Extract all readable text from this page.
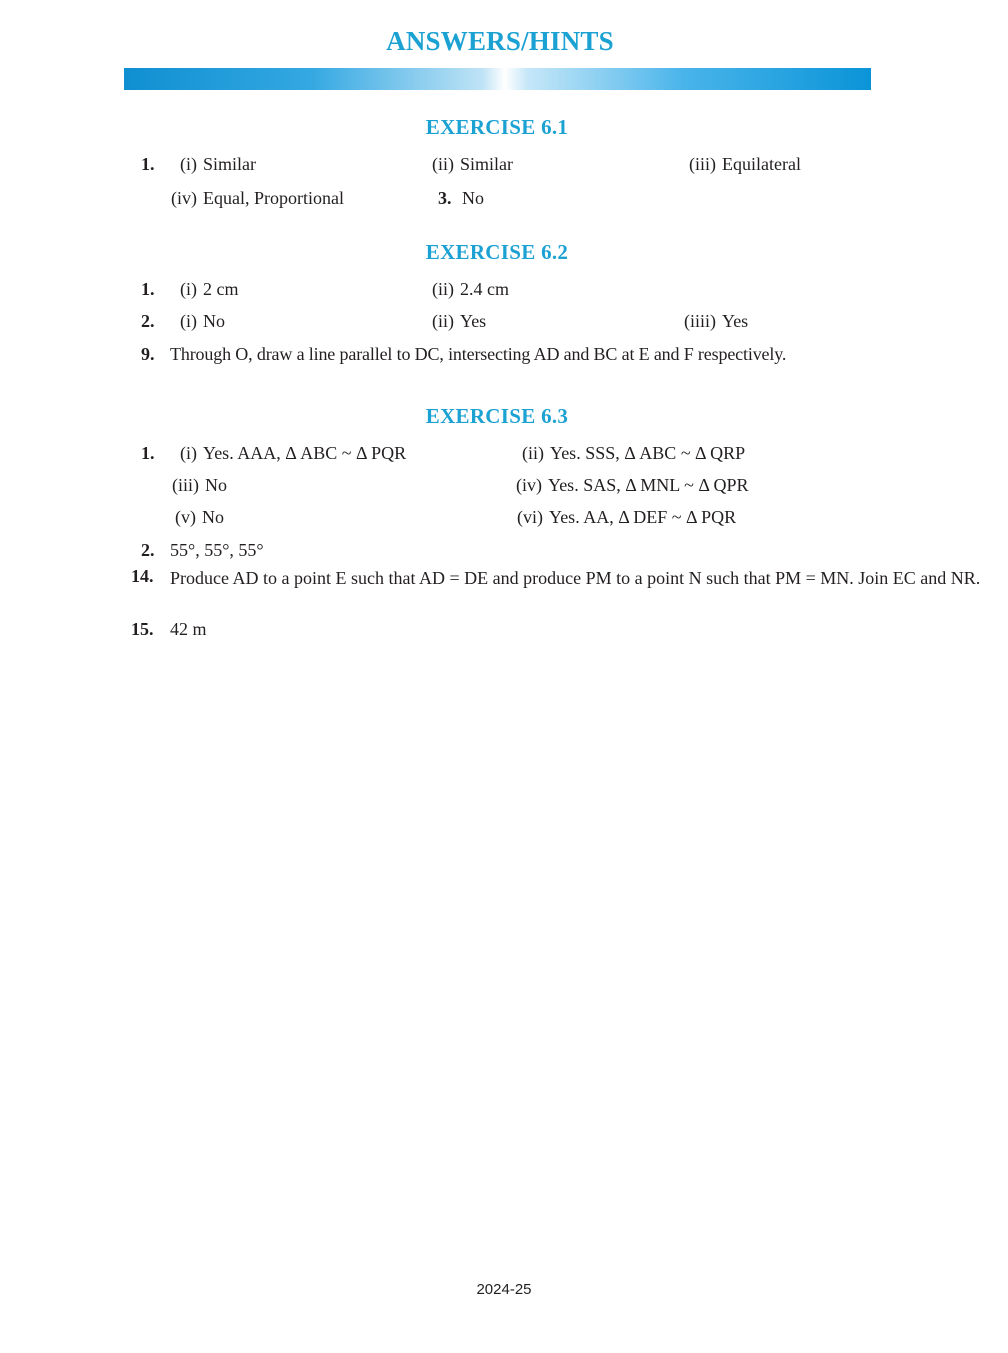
ANSWERS/HINTS
EXERCISE 6.1
1. (i) Similar	(ii) Similar	(iii) Equilateral
(iv) Equal, Proportional	3. No
EXERCISE 6.2
1. (i) 2 cm	(ii) 2.4 cm
2. (i) No	(ii) Yes	(iiii) Yes
9. Through O, draw a line parallel to DC, intersecting AD and BC at E and F respectively.
EXERCISE 6.3
1. (i) Yes. AAA, Δ ABC ~ Δ PQR	(ii) Yes. SSS, Δ ABC ~ Δ QRP
(iii) No	(iv) Yes. SAS, Δ MNL ~ Δ QPR
(v) No	(vi) Yes. AA, Δ DEF ~ Δ PQR
2. 55°, 55°, 55°
14. Produce AD to a point E such that AD = DE and produce PM to a point N such that PM = MN. Join EC and NR.
15. 42 m
2024-25
